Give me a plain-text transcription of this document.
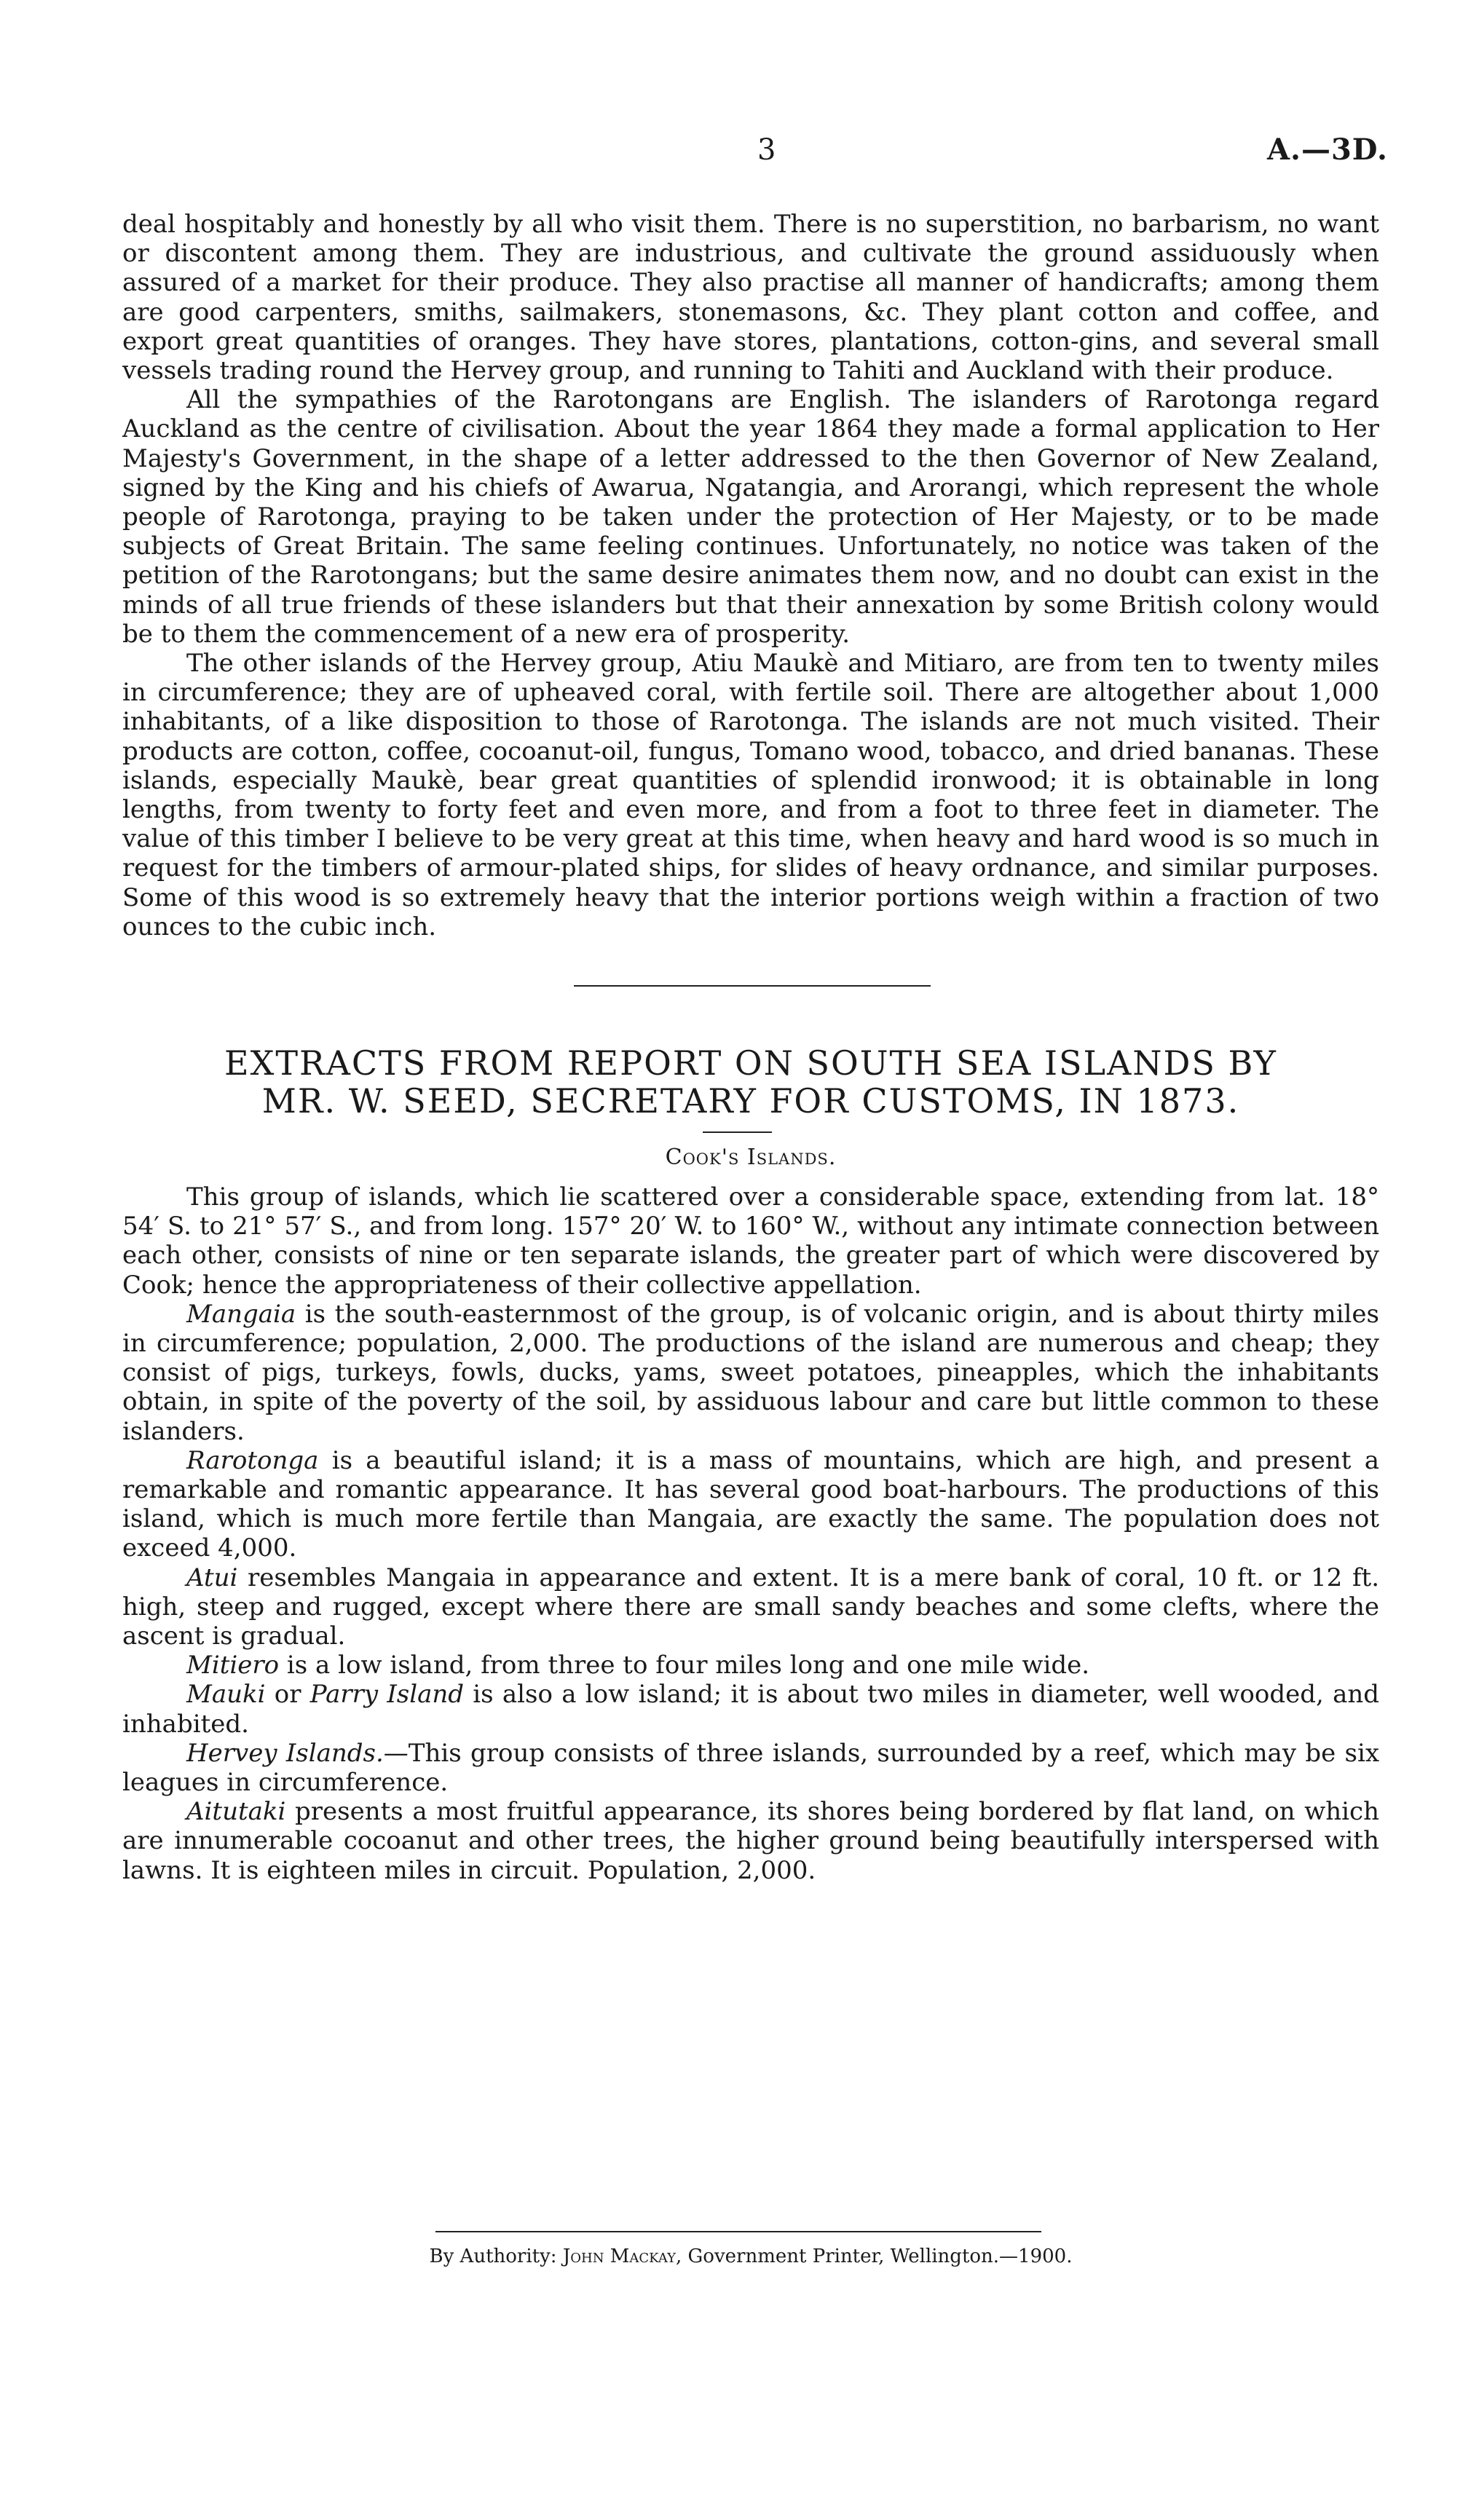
3	A.—3D.

deal hospitably and honestly by all who visit them. There is no superstition, no barbarism, no want or discontent among them. They are industrious, and cultivate the ground assiduously when assured of a market for their produce. They also practise all manner of handicrafts; among them are good carpenters, smiths, sailmakers, stonemasons, &c. They plant cotton and coffee, and export great quantities of oranges. They have stores, plantations, cotton-gins, and several small vessels trading round the Hervey group, and running to Tahiti and Auckland with their produce.

All the sympathies of the Rarotongans are English. The islanders of Rarotonga regard Auckland as the centre of civilisation. About the year 1864 they made a formal application to Her Majesty's Government, in the shape of a letter addressed to the then Governor of New Zealand, signed by the King and his chiefs of Awarua, Ngatangia, and Arorangi, which represent the whole people of Rarotonga, praying to be taken under the protection of Her Majesty, or to be made subjects of Great Britain. The same feeling continues. Unfortunately, no notice was taken of the petition of the Rarotongans; but the same desire animates them now, and no doubt can exist in the minds of all true friends of these islanders but that their annexation by some British colony would be to them the commencement of a new era of prosperity.

The other islands of the Hervey group, Atiu Maukè and Mitiaro, are from ten to twenty miles in circumference; they are of upheaved coral, with fertile soil. There are altogether about 1,000 inhabitants, of a like disposition to those of Rarotonga. The islands are not much visited. Their products are cotton, coffee, cocoanut-oil, fungus, Tomano wood, tobacco, and dried bananas. These islands, especially Maukè, bear great quantities of splendid ironwood; it is obtainable in long lengths, from twenty to forty feet and even more, and from a foot to three feet in diameter. The value of this timber I believe to be very great at this time, when heavy and hard wood is so much in request for the timbers of armour-plated ships, for slides of heavy ordnance, and similar purposes. Some of this wood is so extremely heavy that the interior portions weigh within a fraction of two ounces to the cubic inch.

EXTRACTS FROM REPORT ON SOUTH SEA ISLANDS BY
MR. W. SEED, SECRETARY FOR CUSTOMS, IN 1873.
Cook's Islands.

This group of islands, which lie scattered over a considerable space, extending from lat. 18° 54′ S. to 21° 57′ S., and from long. 157° 20′ W. to 160° W., without any intimate connection between each other, consists of nine or ten separate islands, the greater part of which were discovered by Cook; hence the appropriateness of their collective appellation.

Mangaia is the south-easternmost of the group, is of volcanic origin, and is about thirty miles in circumference; population, 2,000. The productions of the island are numerous and cheap; they consist of pigs, turkeys, fowls, ducks, yams, sweet potatoes, pineapples, which the inhabitants obtain, in spite of the poverty of the soil, by assiduous labour and care but little common to these islanders.

Rarotonga is a beautiful island; it is a mass of mountains, which are high, and present a remarkable and romantic appearance. It has several good boat-harbours. The productions of this island, which is much more fertile than Mangaia, are exactly the same. The population does not exceed 4,000.

Atui resembles Mangaia in appearance and extent. It is a mere bank of coral, 10 ft. or 12 ft. high, steep and rugged, except where there are small sandy beaches and some clefts, where the ascent is gradual.

Mitiero is a low island, from three to four miles long and one mile wide.

Mauki or Parry Island is also a low island; it is about two miles in diameter, well wooded, and inhabited.

Hervey Islands.—This group consists of three islands, surrounded by a reef, which may be six leagues in circumference.

Aitutaki presents a most fruitful appearance, its shores being bordered by flat land, on which are innumerable cocoanut and other trees, the higher ground being beautifully interspersed with lawns. It is eighteen miles in circuit. Population, 2,000.

By Authority: John Mackay, Government Printer, Wellington.—1900.
